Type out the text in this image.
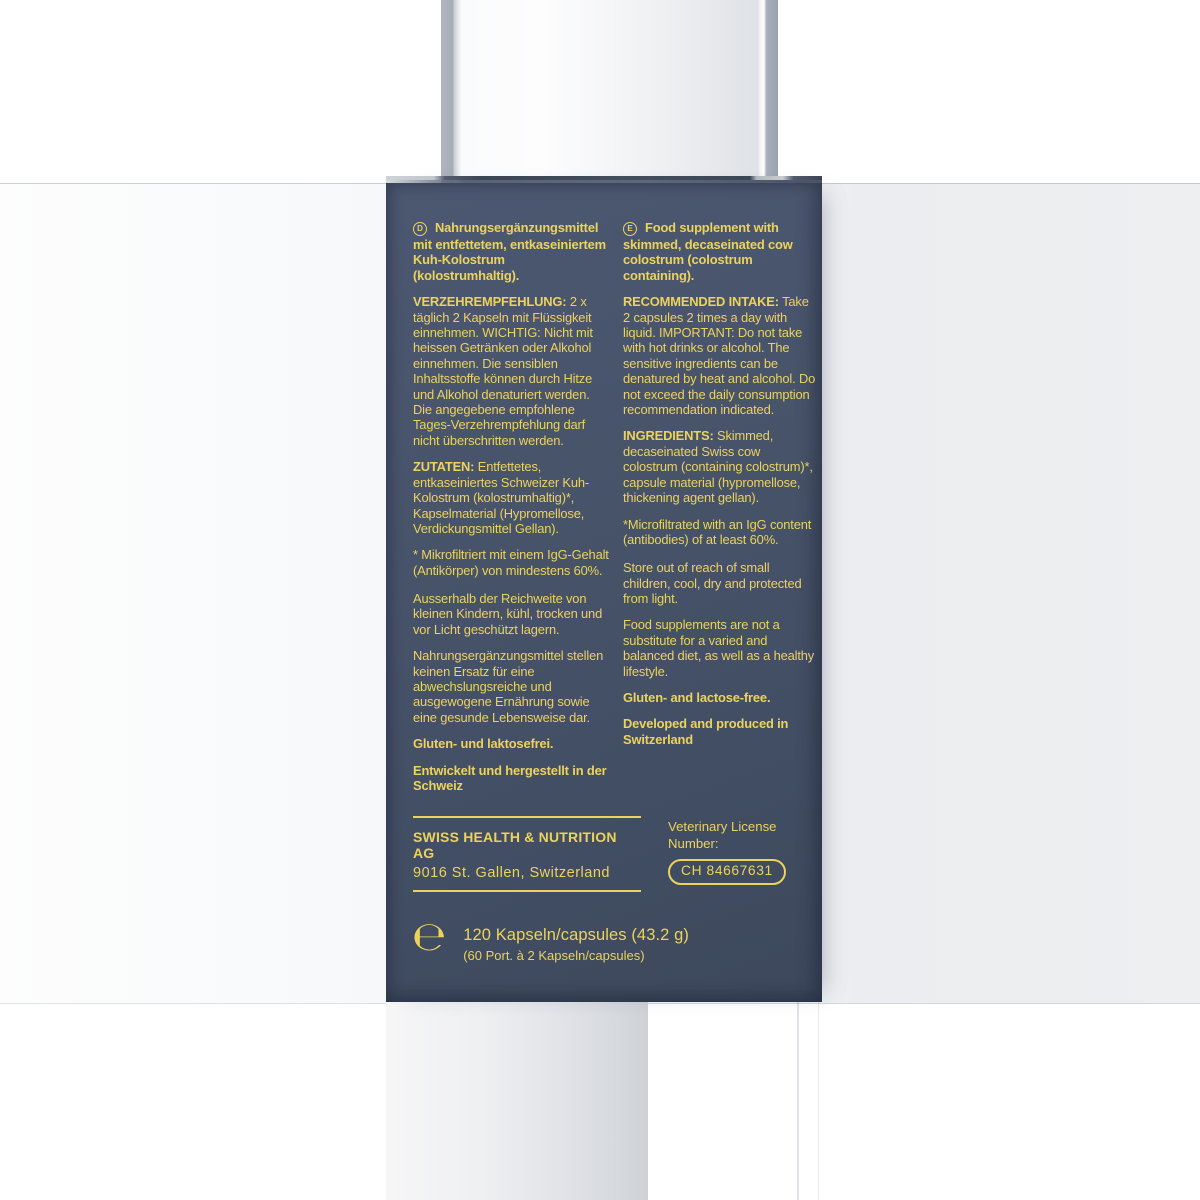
D Nahrungsergänzungsmittel mit entfettetem, entkaseiniertem Kuh-Kolostrum (kolostrumhaltig).

VERZEHREMPFEHLUNG: 2 x täglich 2 Kapseln mit Flüssigkeit einnehmen. WICHTIG: Nicht mit heissen Getränken oder Alkohol einnehmen. Die sensiblen Inhaltsstoffe können durch Hitze und Alkohol denaturiert werden. Die angegebene empfohlene Tages-Verzehrempfehlung darf nicht überschritten werden.

ZUTATEN: Entfettetes, entkaseiniertes Schweizer Kuh-Kolostrum (kolostrumhaltig)*, Kapselmaterial (Hypromellose, Verdickungsmittel Gellan).

* Mikrofiltriert mit einem IgG-Gehalt (Antikörper) von mindestens 60%.

Ausserhalb der Reichweite von kleinen Kindern, kühl, trocken und vor Licht geschützt lagern.

Nahrungsergänzungsmittel stellen keinen Ersatz für eine abwechslungsreiche und ausgewogene Ernährung sowie eine gesunde Lebensweise dar.

Gluten- und laktosefrei.

Entwickelt und hergestellt in der Schweiz

E Food supplement with skimmed, decaseinated cow colostrum (colostrum containing).

RECOMMENDED INTAKE: Take 2 capsules 2 times a day with liquid. IMPORTANT: Do not take with hot drinks or alcohol. The sensitive ingredients can be denatured by heat and alcohol. Do not exceed the daily consumption recommendation indicated.

INGREDIENTS: Skimmed, decaseinated Swiss cow colostrum (containing colostrum)*, capsule material (hypromellose, thickening agent gellan).

*Microfiltrated with an IgG content (antibodies) of at least 60%.

Store out of reach of small children, cool, dry and protected from light.

Food supplements are not a substitute for a varied and balanced diet, as well as a healthy lifestyle.

Gluten- and lactose-free.

Developed and produced in Switzerland

SWISS HEALTH & NUTRITION AG
9016 St. Gallen, Switzerland
Veterinary License Number:
CH 84667631
℮ 120 Kapseln/capsules (43.2 g)
(60 Port. à 2 Kapseln/capsules)
